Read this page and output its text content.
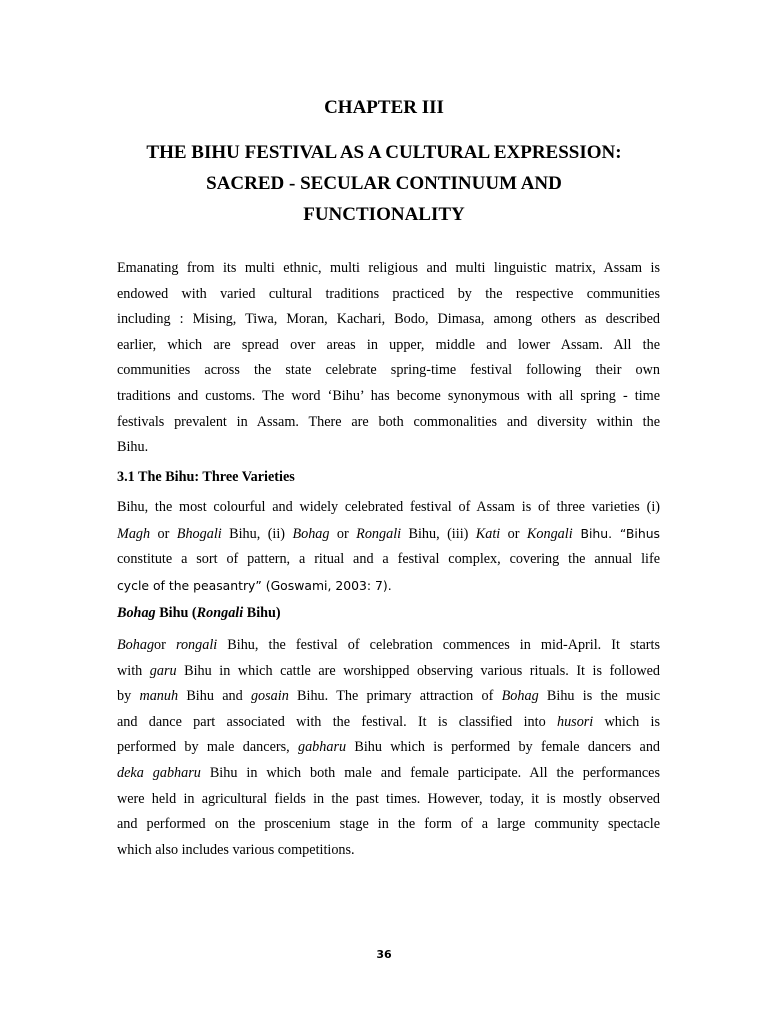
CHAPTER III
THE BIHU FESTIVAL AS A CULTURAL EXPRESSION:
SACRED - SECULAR CONTINUUM AND
FUNCTIONALITY

Emanating from its multi ethnic, multi religious and multi linguistic matrix, Assam is
endowed with varied cultural traditions practiced by the respective communities
including : Mising, Tiwa, Moran, Kachari, Bodo, Dimasa, among others as described
earlier, which are spread over areas in upper, middle and lower Assam. All the
communities across the state celebrate spring-time festival following their own
traditions and customs. The word ‘Bihu’ has become synonymous with all spring - time
festivals prevalent in Assam. There are both commonalities and diversity within the
Bihu.

3.1 The Bihu: Three Varieties

Bihu, the most colourful and widely celebrated festival of Assam is of three varieties (i)
Magh or Bhogali Bihu, (ii) Bohag or Rongali Bihu, (iii) Kati or Kongali Bihu. “Bihus
constitute a sort of pattern, a ritual and a festival complex, covering the annual life
cycle of the peasantry” (Goswami, 2003: 7).

Bohag Bihu (Rongali Bihu)

Bohagor rongali Bihu, the festival of celebration commences in mid-April. It starts
with garu Bihu in which cattle are worshipped observing various rituals. It is followed
by manuh Bihu and gosain Bihu. The primary attraction of Bohag Bihu is the music
and dance part associated with the festival. It is classified into husori which is
performed by male dancers, gabharu Bihu which is performed by female dancers and
deka gabharu Bihu in which both male and female participate. All the performances
were held in agricultural fields in the past times. However, today, it is mostly observed
and performed on the proscenium stage in the form of a large community spectacle
which also includes various competitions.

36
